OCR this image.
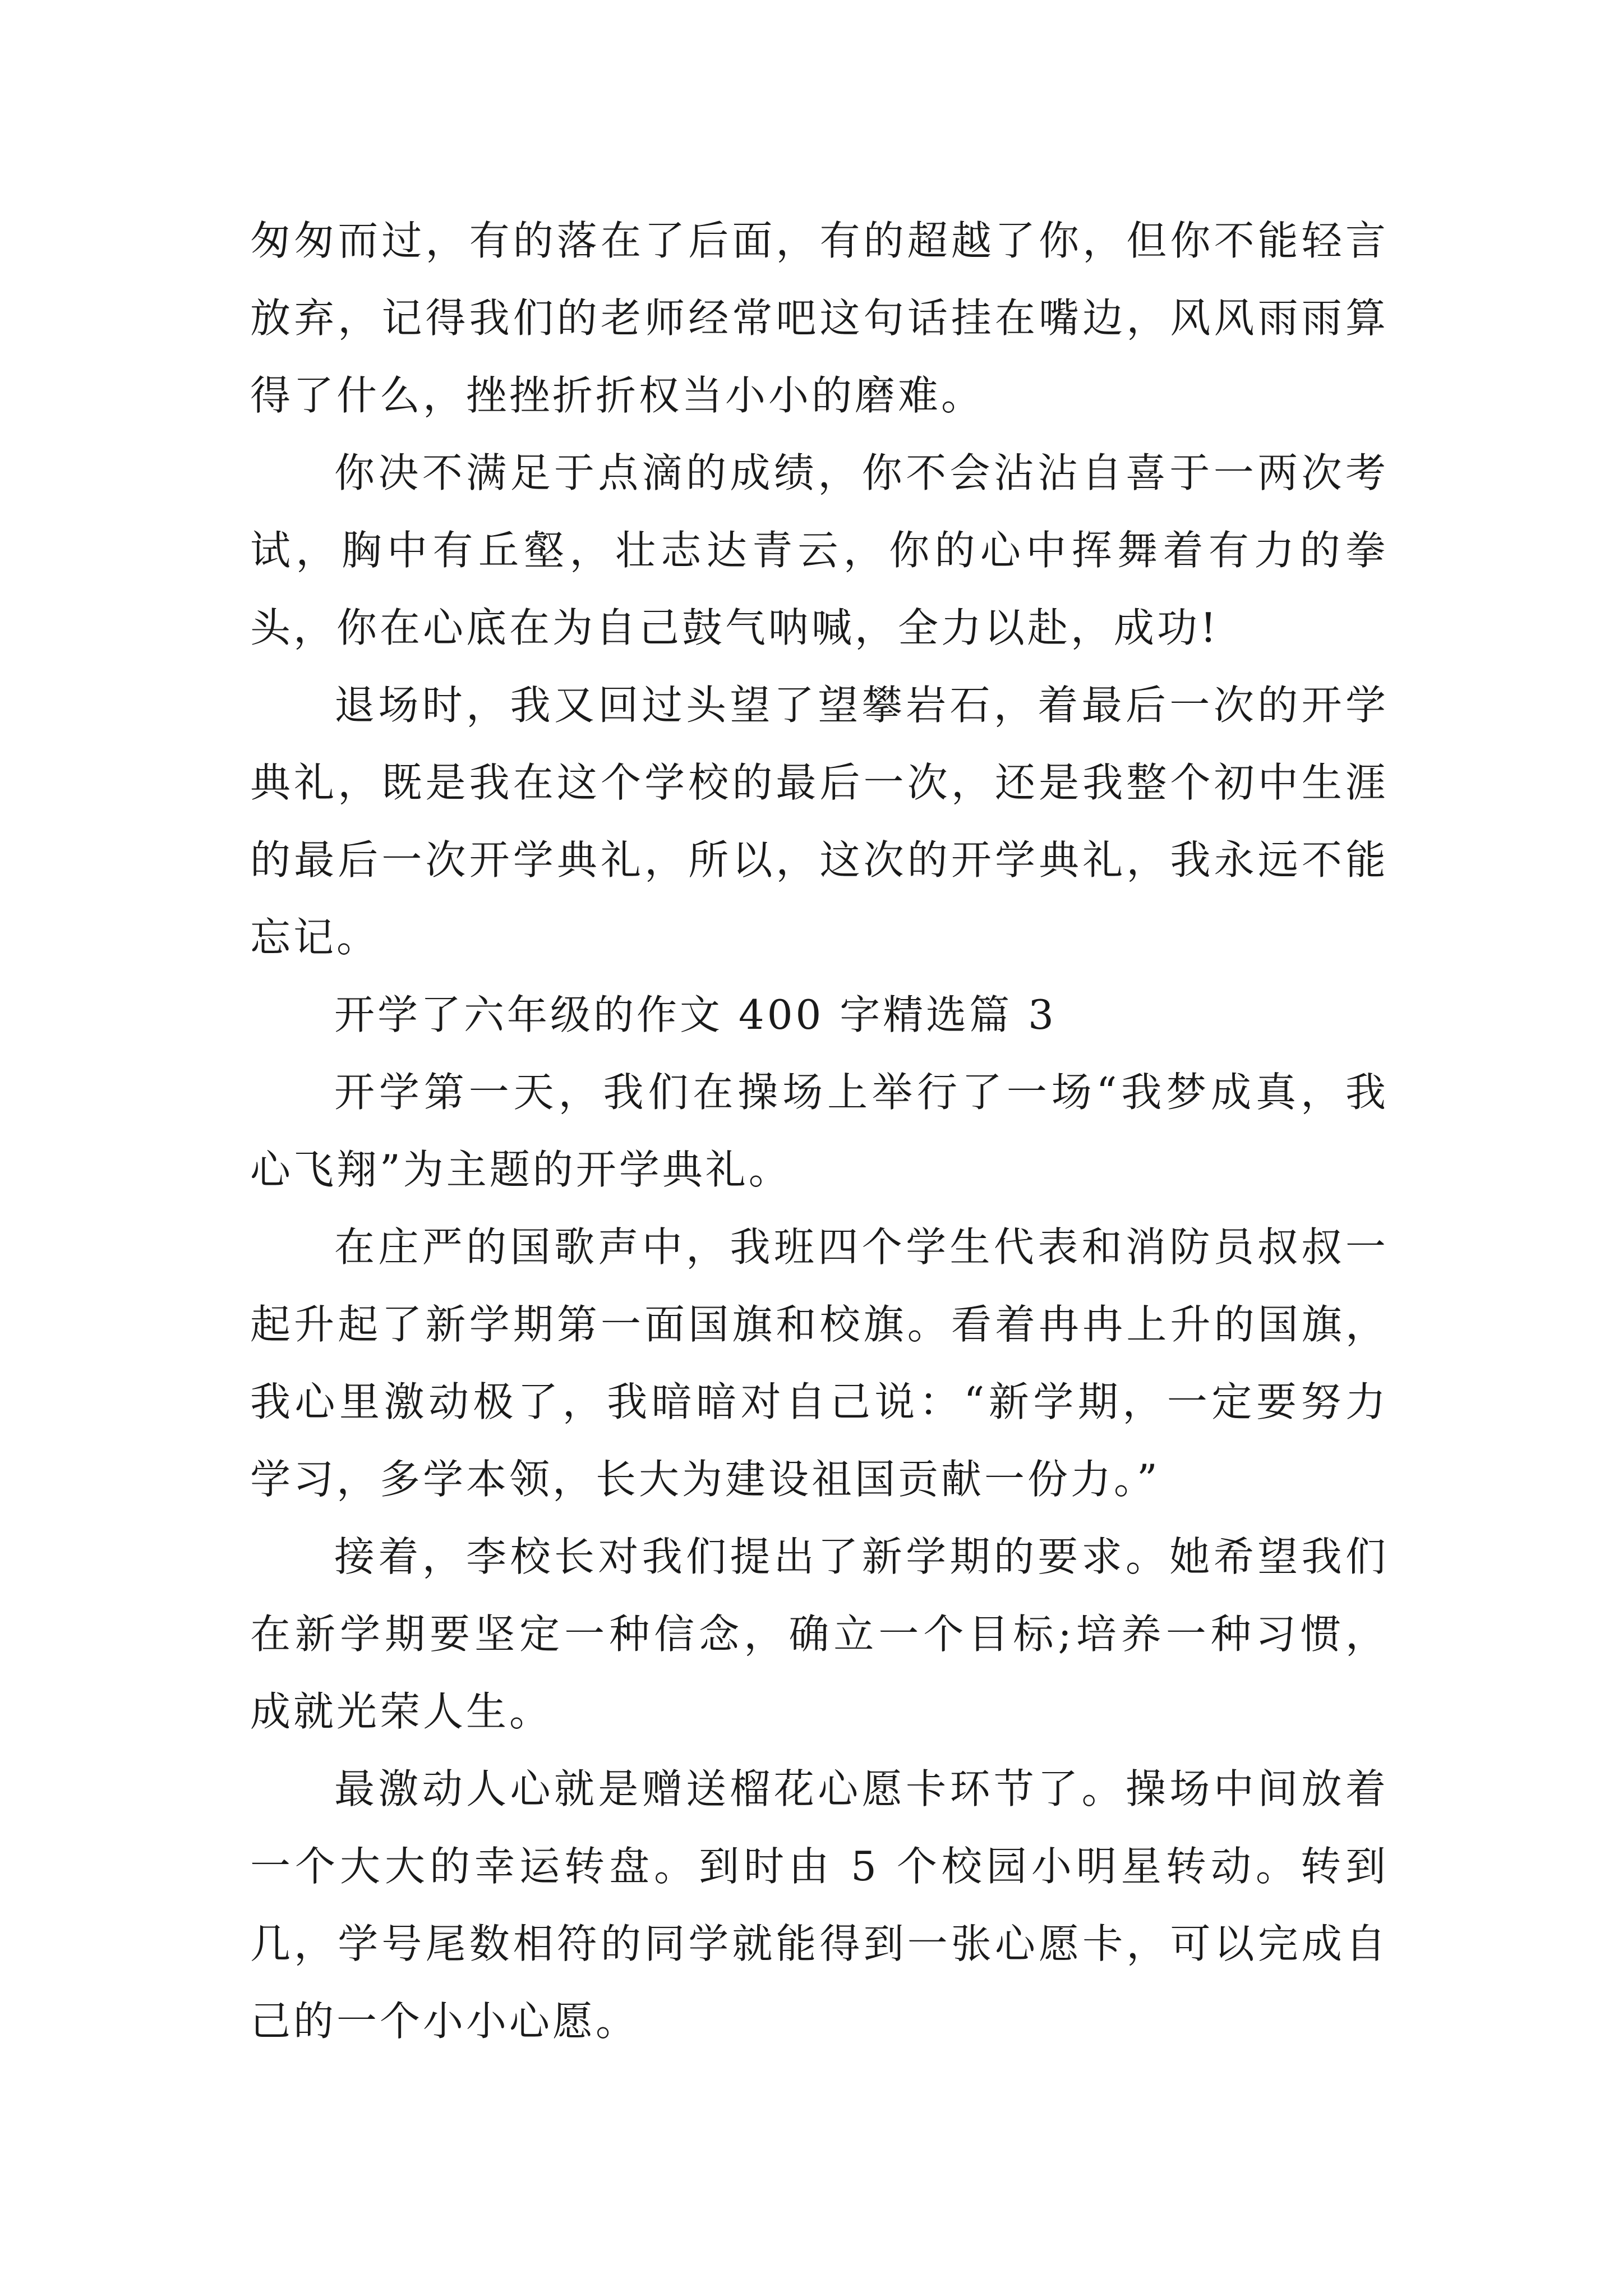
匆匆而过，有的落在了后面，有的超越了你，但你不能轻言放弃，记得我们的老师经常吧这句话挂在嘴边，风风雨雨算得了什么，挫挫折折权当小小的磨难。

你决不满足于点滴的成绩，你不会沾沾自喜于一两次考试，胸中有丘壑，壮志达青云，你的心中挥舞着有力的拳头，你在心底在为自己鼓气呐喊，全力以赴，成功!

退场时，我又回过头望了望攀岩石，着最后一次的开学典礼，既是我在这个学校的最后一次，还是我整个初中生涯的最后一次开学典礼，所以，这次的开学典礼，我永远不能忘记。

开学了六年级的作文 400 字精选篇 3

开学第一天，我们在操场上举行了一场“我梦成真，我心飞翔”为主题的开学典礼。

在庄严的国歌声中，我班四个学生代表和消防员叔叔一起升起了新学期第一面国旗和校旗。看着冉冉上升的国旗，我心里激动极了，我暗暗对自己说：“新学期，一定要努力学习，多学本领，长大为建设祖国贡献一份力。”

接着，李校长对我们提出了新学期的要求。她希望我们在新学期要坚定一种信念，确立一个目标;培养一种习惯，成就光荣人生。

最激动人心就是赠送榴花心愿卡环节了。操场中间放着一个大大的幸运转盘。到时由 5 个校园小明星转动。转到几，学号尾数相符的同学就能得到一张心愿卡，可以完成自己的一个小小心愿。
